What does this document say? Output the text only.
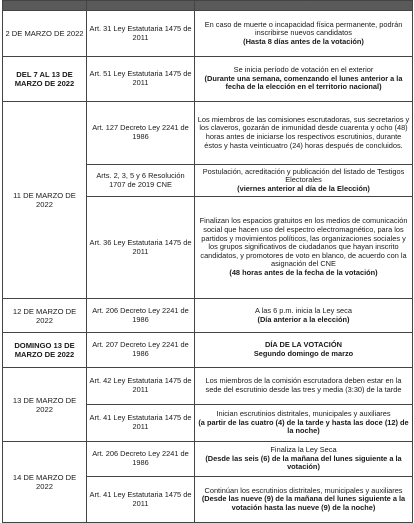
Fecha	Normativa	Descripción
2 DE MARZO DE 2022	Art. 31 Ley Estatutaria 1475 de 2011	En caso de muerte o incapacidad física permanente, podrán inscribirse nuevos candidatos
(Hasta 8 días antes de la votación)
DEL 7 AL 13 DE MARZO DE 2022	Art. 51 Ley Estatutaria 1475 de 2011	Se inicia período de votación en el exterior
(Durante una semana, comenzando el lunes anterior a la fecha de la elección en el territorio nacional)
11 DE MARZO DE 2022	Art. 127 Decreto Ley 2241 de 1986	Los miembros de las comisiones escrutadoras, sus secretarios y los claveros, gozarán de inmunidad desde cuarenta y ocho (48) horas antes de iniciarse los respectivos escrutinios, durante éstos y hasta veinticuatro (24) horas después de concluidos.
	Arts. 2, 3, 5 y 6 Resolución 1707 de 2019 CNE	Postulación, acreditación y publicación del listado de Testigos Electorales
(viernes anterior al día de la Elección)
	Art. 36 Ley Estatutaria 1475 de 2011	Finalizan los espacios gratuitos en los medios de comunicación social que hacen uso del espectro electromagnético, para los partidos y movimientos políticos, las organizaciones sociales y los grupos significativos de ciudadanos que hayan inscrito candidatos, y promotores de voto en blanco, de acuerdo con la asignación del CNE
(48 horas antes de la fecha de la votación)
12 DE MARZO DE 2022	Art. 206 Decreto Ley 2241 de 1986	A las 6 p.m. inicia la Ley seca
(Día anterior a la elección)
DOMINGO 13 DE MARZO DE 2022	Art. 207 Decreto Ley 2241 de 1986	DÍA DE LA VOTACIÓN
Segundo domingo de marzo
13 DE MARZO DE 2022	Art. 42 Ley Estatutaria 1475 de 2011	Los miembros de la comisión escrutadora deben estar en la sede del escrutinio desde las tres y media (3:30) de la tarde
	Art. 41 Ley Estatutaria 1475 de 2011	Inician escrutinios distritales, municipales y auxiliares
(a partir de las cuatro (4) de la tarde y hasta las doce (12) de la noche)
14 DE MARZO DE 2022	Art. 206 Decreto Ley 2241 de 1986	Finaliza la Ley Seca
(Desde las seis (6) de la mañana del lunes siguiente a la votación)
	Art. 41 Ley Estatutaria 1475 de 2011	Continúan los escrutinios distritales, municipales y auxiliares
(Desde las nueve (9) de la mañana del lunes siguiente a la votación hasta las nueve (9) de la noche)
